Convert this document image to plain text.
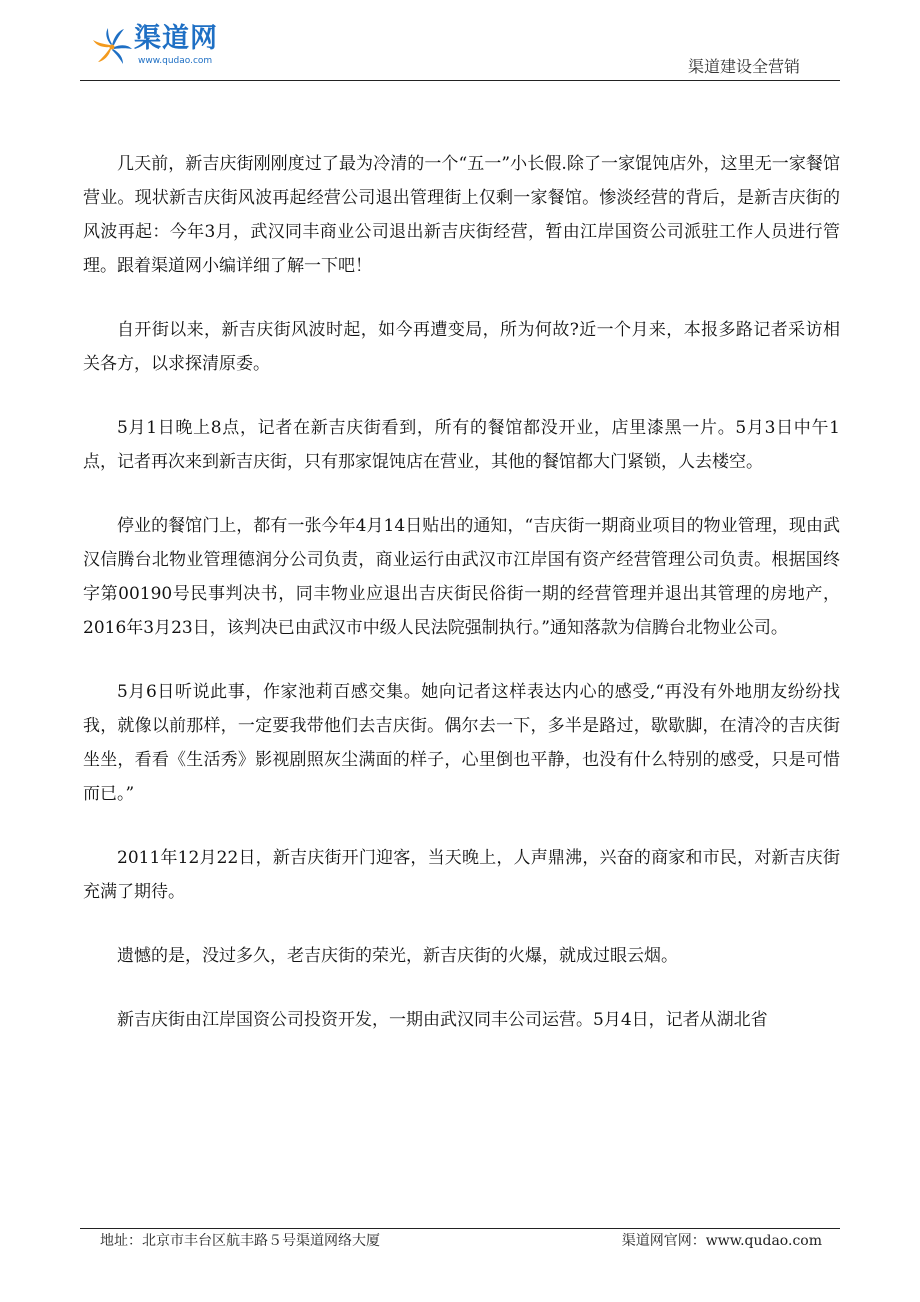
渠道网
www.qudao.com	渠道建设全营销

几天前，新吉庆街刚刚度过了最为冷清的一个“五一”小长假.除了一家馄饨店外，这里无一家餐馆营业。现状新吉庆街风波再起经营公司退出管理街上仅剩一家餐馆。惨淡经营的背后，是新吉庆街的风波再起：今年3月，武汉同丰商业公司退出新吉庆街经营，暂由江岸国资公司派驻工作人员进行管理。跟着渠道网小编详细了解一下吧！

自开街以来，新吉庆街风波时起，如今再遭变局，所为何故?近一个月来，本报多路记者采访相关各方，以求探清原委。

5月1日晚上8点，记者在新吉庆街看到，所有的餐馆都没开业，店里漆黑一片。5月3日中午1点，记者再次来到新吉庆街，只有那家馄饨店在营业，其他的餐馆都大门紧锁，人去楼空。

停业的餐馆门上，都有一张今年4月14日贴出的通知，“吉庆街一期商业项目的物业管理，现由武汉信腾台北物业管理德润分公司负责，商业运行由武汉市江岸国有资产经营管理公司负责。根据国终字第00190号民事判决书，同丰物业应退出吉庆街民俗街一期的经营管理并退出其管理的房地产，2016年3月23日，该判决已由武汉市中级人民法院强制执行。”通知落款为信腾台北物业公司。

5月6日听说此事，作家池莉百感交集。她向记者这样表达内心的感受,“再没有外地朋友纷纷找我，就像以前那样，一定要我带他们去吉庆街。偶尔去一下，多半是路过，歇歇脚，在清冷的吉庆街坐坐，看看《生活秀》影视剧照灰尘满面的样子，心里倒也平静，也没有什么特别的感受，只是可惜而已。”

2011年12月22日，新吉庆街开门迎客，当天晚上，人声鼎沸，兴奋的商家和市民，对新吉庆街充满了期待。

遗憾的是，没过多久，老吉庆街的荣光，新吉庆街的火爆，就成过眼云烟。

新吉庆街由江岸国资公司投资开发，一期由武汉同丰公司运营。5月4日，记者从湖北省

地址：北京市丰台区航丰路５号渠道网络大厦	渠道网官网：www.qudao.com
